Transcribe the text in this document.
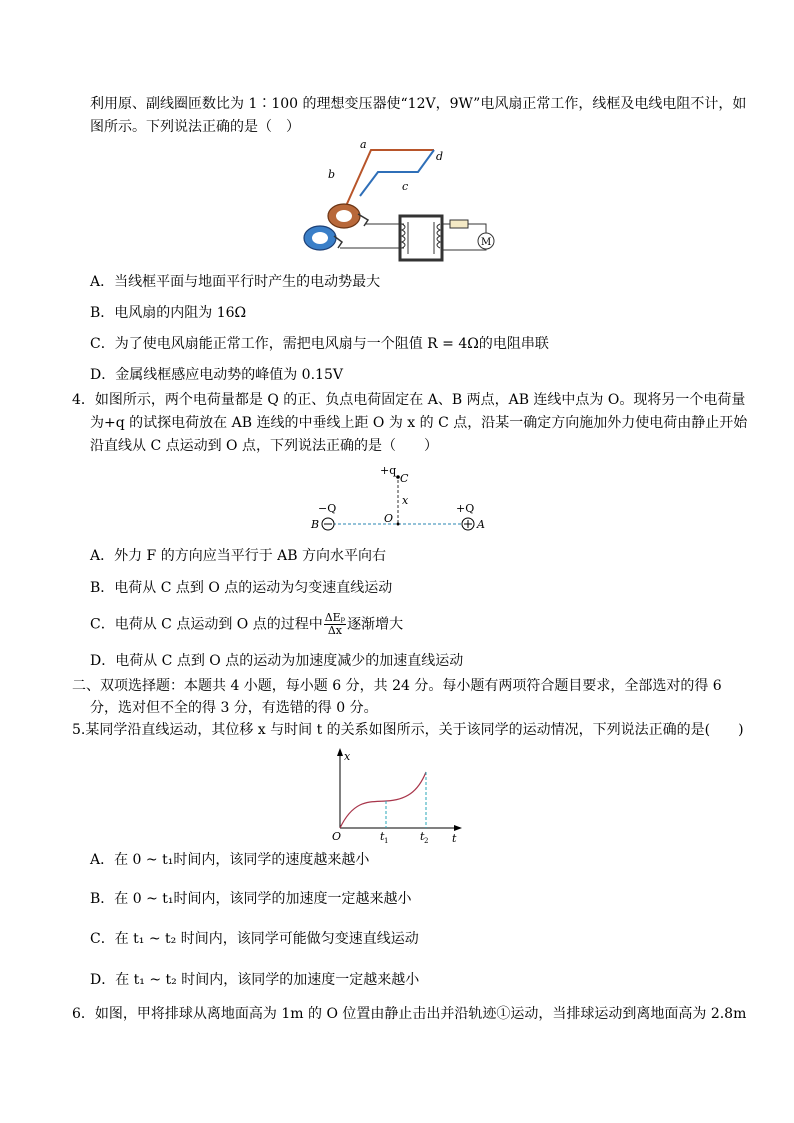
利用原、副线圈匝数比为 1∶100 的理想变压器使“12V，9W”电风扇正常工作，线框及电线电阻不计，如
图所示。下列说法正确的是（　）
a
b
c
d
M
A．当线框平面与地面平行时产生的电动势最大
B．电风扇的内阻为 16Ω
C．为了使电风扇能正常工作，需把电风扇与一个阻值 R = 4Ω的电阻串联
D．金属线框感应电动势的峰值为 0.15V
4．如图所示，两个电荷量都是 Q 的正、负点电荷固定在 A、B 两点，AB 连线中点为 O。现将另一个电荷量
为+q 的试探电荷放在 AB 连线的中垂线上距 O 为 x 的 C 点，沿某一确定方向施加外力使电荷由静止开始
沿直线从 C 点运动到 O 点，下列说法正确的是（　　）
+q
C
x
−Q	+Q
B	O	A
A．外力 F 的方向应当平行于 AB 方向水平向右
B．电荷从 C 点到 O 点的运动为匀变速直线运动
C．电荷从 C 点运动到 O 点的过程中 $\frac{\text{ΔEₚ}}{\Delta x}$ 逐渐增大
D．电荷从 C 点到 O 点的运动为加速度减少的加速直线运动
二、双项选择题：本题共 4 小题，每小题 6 分，共 24 分。每小题有两项符合题目要求，全部选对的得 6
分，选对但不全的得 3 分，有选错的得 0 分。
5.某同学沿直线运动，其位移 x 与时间 t 的关系如图所示，关于该同学的运动情况，下列说法正确的是(　　)
x
t
O	t 1	t 2
A．在 0 ~ t₁时间内，该同学的速度越来越小
B．在 0 ~ t₁时间内，该同学的加速度一定越来越小
C．在 t₁ ~ t₂ 时间内，该同学可能做匀变速直线运动
D．在 t₁ ~ t₂ 时间内，该同学的加速度一定越来越小
6．如图，甲将排球从离地面高为 1m 的 O 位置由静止击出并沿轨迹①运动，当排球运动到离地面高为 2.8m
